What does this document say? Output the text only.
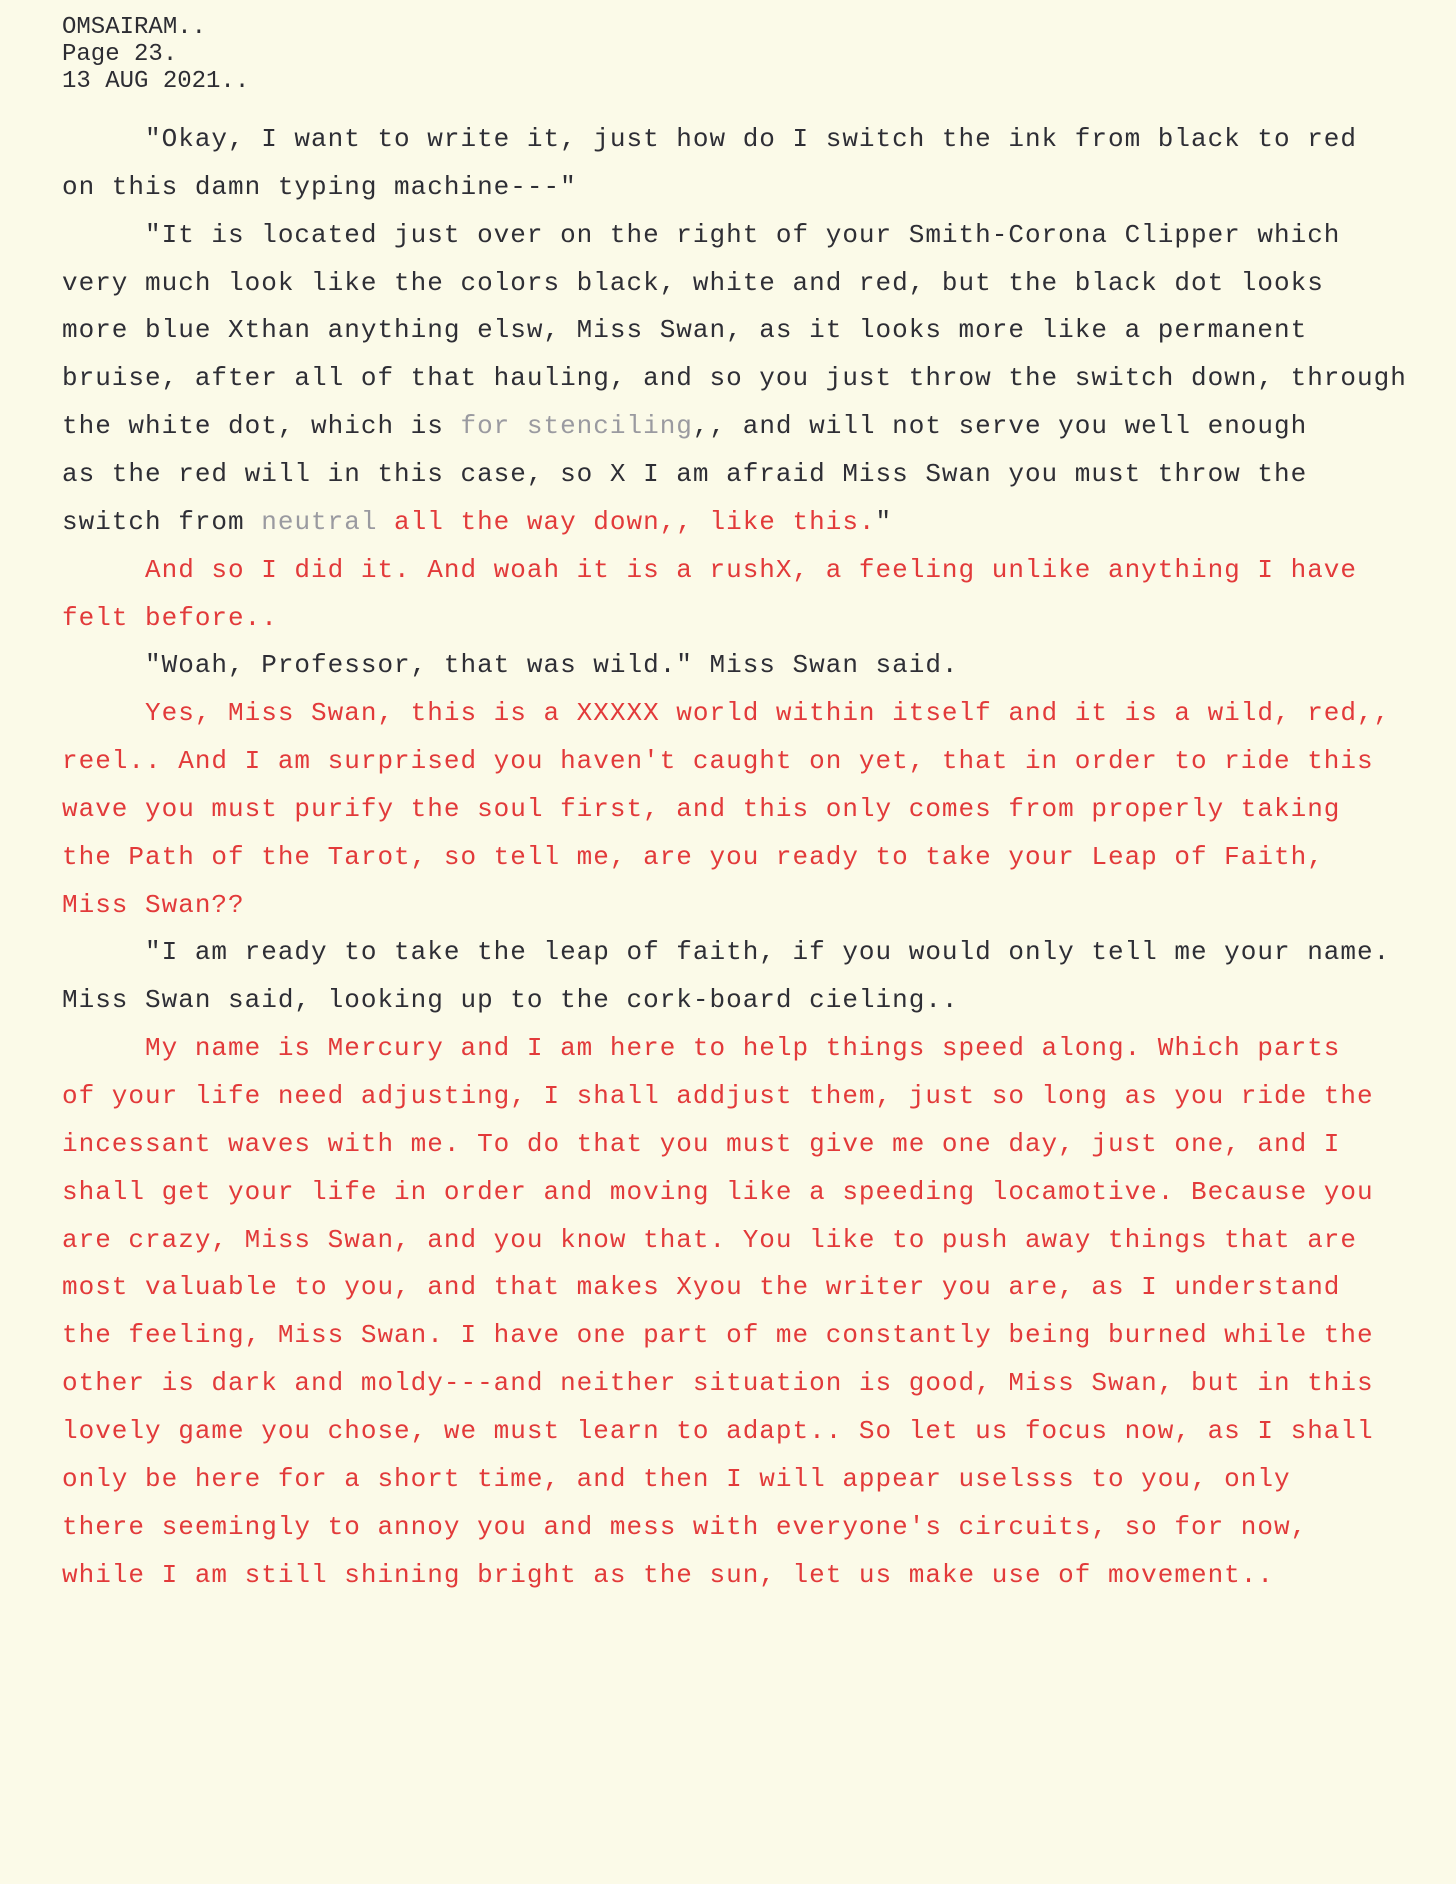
OMSAIRAM..
Page 23.
13 AUG 2021..
"Okay, I want to write it, just how do I switch the ink from black to red
on this damn typing machine---"
"It is located just over on the right of your Smith-Corona Clipper which
very much look like the colors black, white and red, but the black dot looks
more blue Xthan anything elsw, Miss Swan, as it looks more like a permanent
bruise, after all of that hauling, and so you just throw the switch down, through
the white dot, which is for stenciling,, and will not serve you well enough
as the red will in this case, so X I am afraid Miss Swan you must throw the
switch from neutral all the way down,, like this."
And so I did it. And woah it is a rushX, a feeling unlike anything I have
felt before..
"Woah, Professor, that was wild." Miss Swan said.
Yes, Miss Swan, this is a XXXXX world within itself and it is a wild, red,,
reel.. And I am surprised you haven't caught on yet, that in order to ride this
wave you must purify the soul first, and this only comes from properly taking
the Path of the Tarot, so tell me, are you ready to take your Leap of Faith,
Miss Swan??
"I am ready to take the leap of faith, if you would only tell me your name.
Miss Swan said, looking up to the cork-board cieling..
My name is Mercury and I am here to help things speed along. Which parts
of your life need adjusting, I shall addjust them, just so long as you ride the
incessant waves with me. To do that you must give me one day, just one, and I
shall get your life in order and moving like a speeding locamotive. Because you
are crazy, Miss Swan, and you know that. You like to push away things that are
most valuable to you, and that makes Xyou the writer you are, as I understand
the feeling, Miss Swan. I have one part of me constantly being burned while the
other is dark and moldy---and neither situation is good, Miss Swan, but in this
lovely game you chose, we must learn to adapt.. So let us focus now, as I shall
only be here for a short time, and then I will appear uselsss to you, only
there seemingly to annoy you and mess with everyone's circuits, so for now,
while I am still shining bright as the sun, let us make use of movement..
